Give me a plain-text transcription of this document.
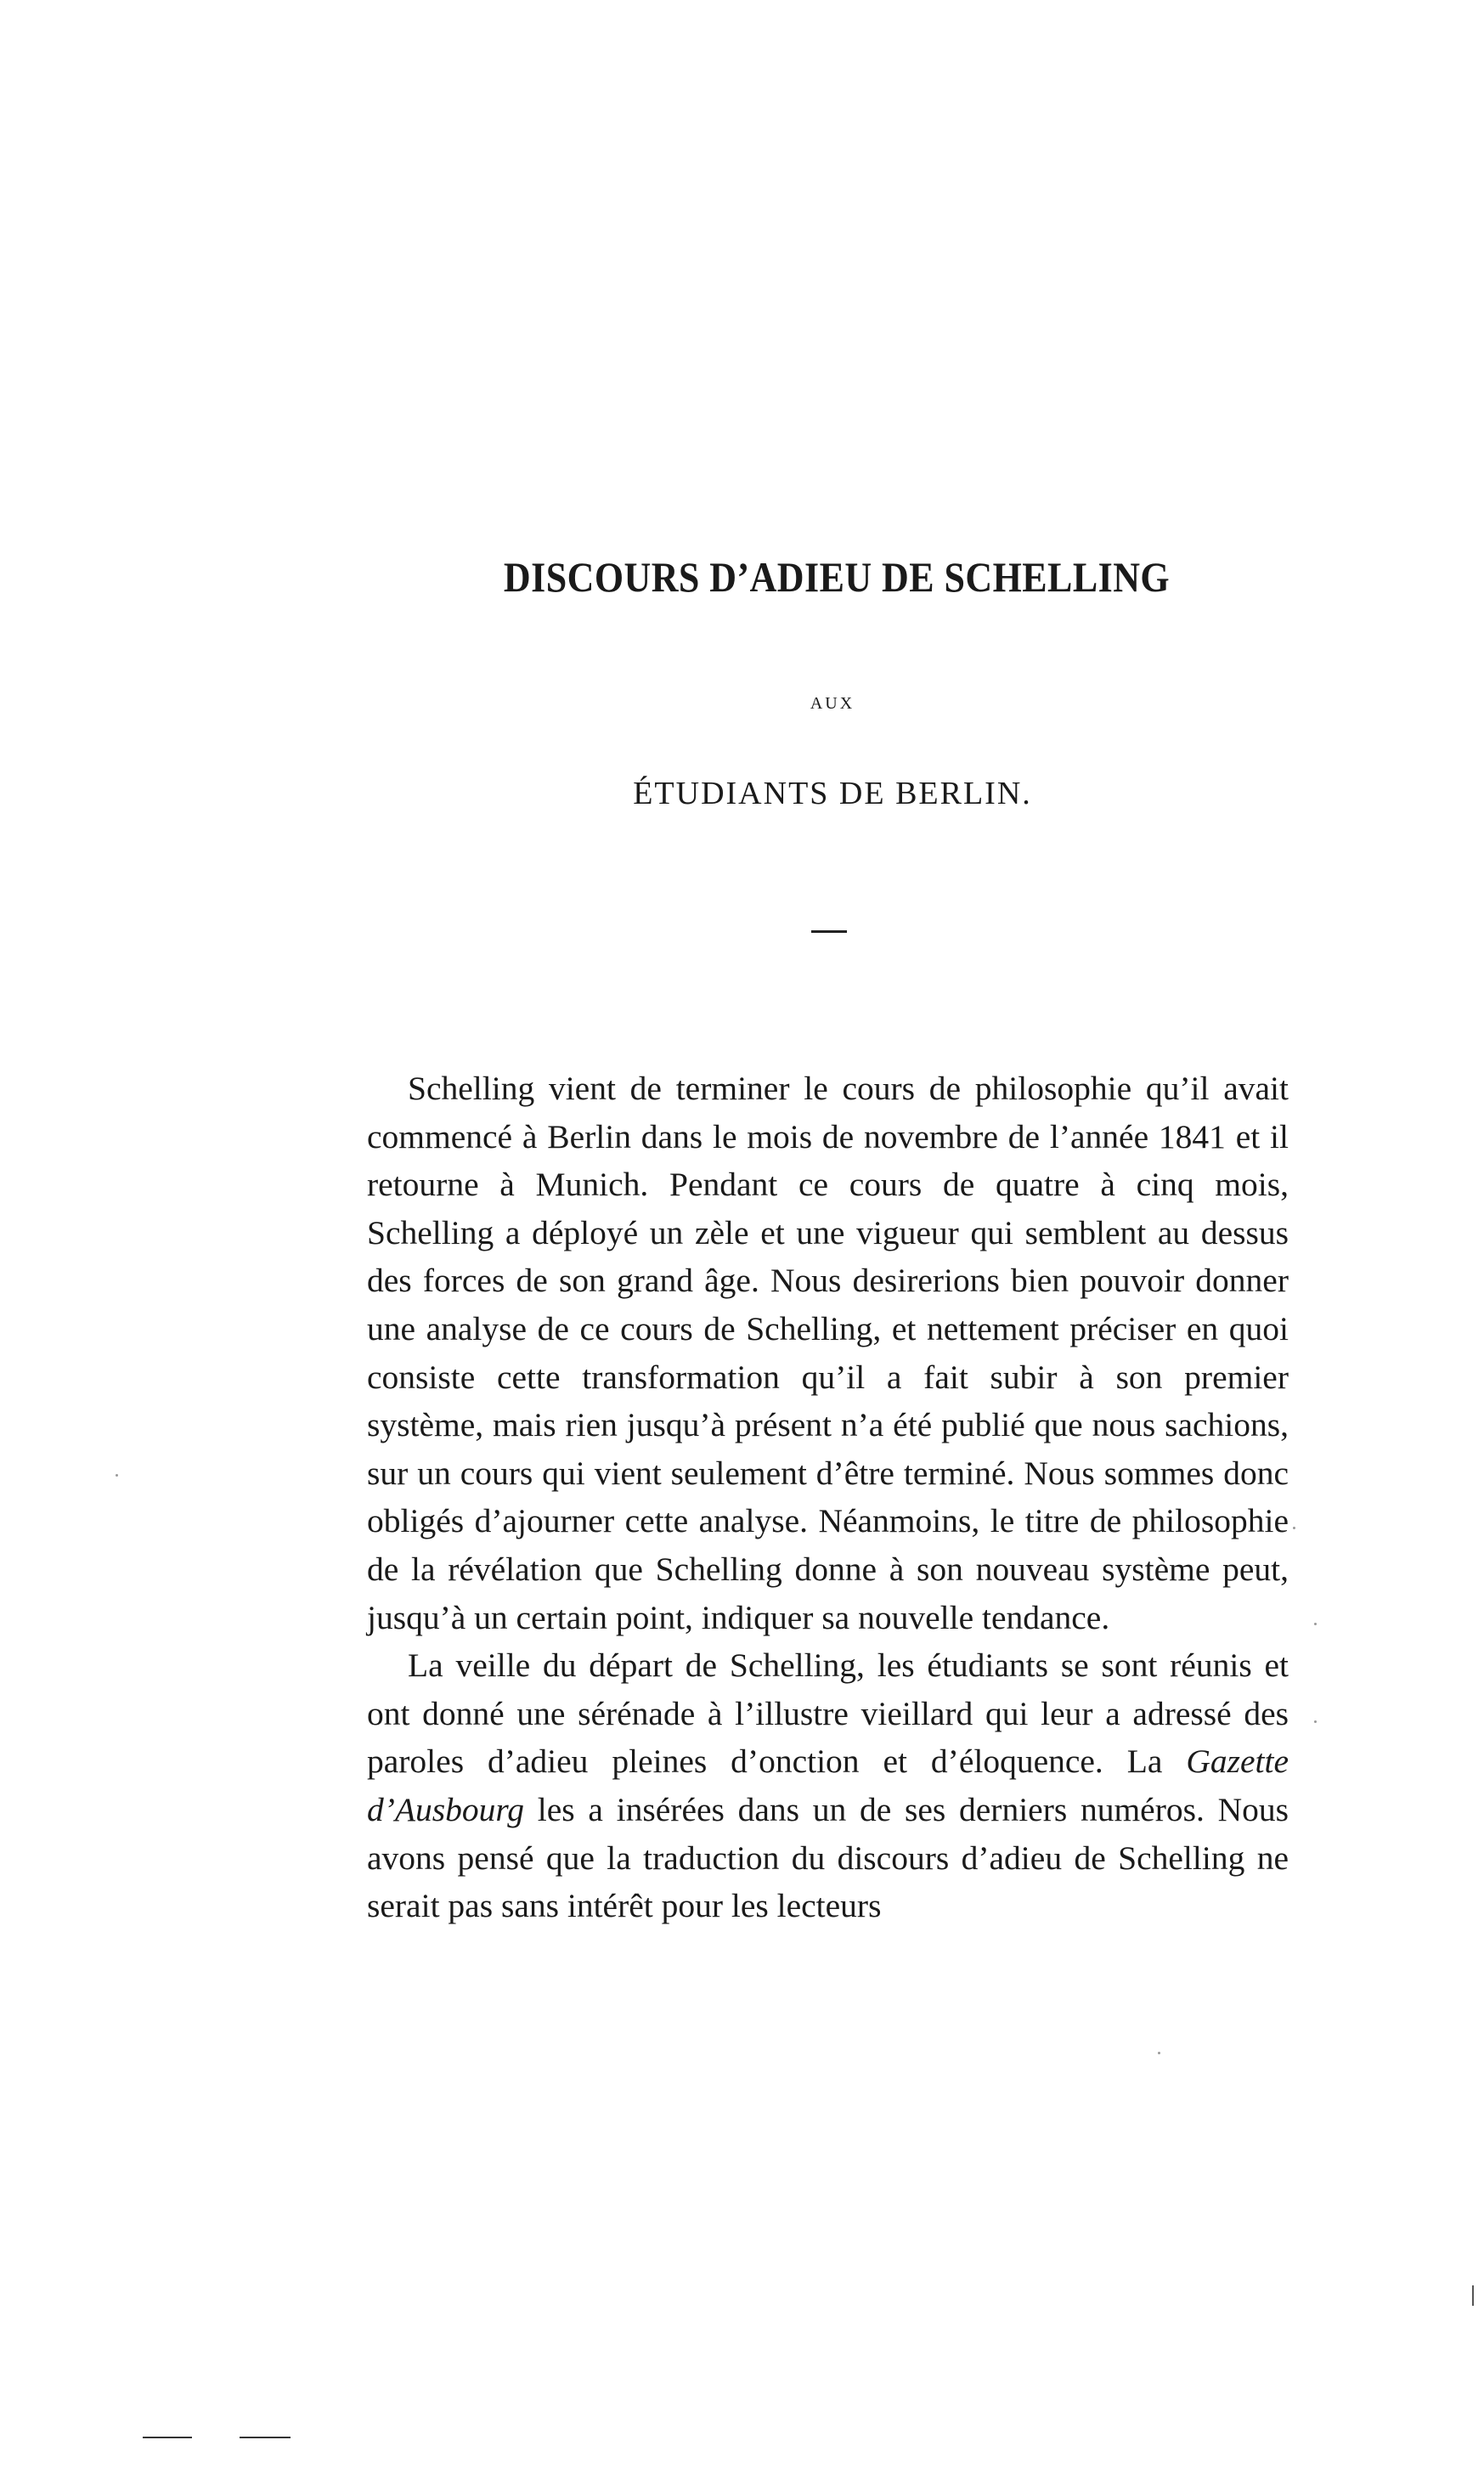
DISCOURS D’ADIEU DE SCHELLING
AUX
ÉTUDIANTS DE BERLIN.

Schelling vient de terminer le cours de philosophie qu’il avait commencé à Berlin dans le mois de novembre de l’année 1841 et il retourne à Munich. Pendant ce cours de quatre à cinq mois, Schelling a déployé un zèle et une vigueur qui semblent au dessus des forces de son grand âge. Nous desirerions bien pouvoir donner une analyse de ce cours de Schelling, et nettement préciser en quoi consiste cette transformation qu’il a fait subir à son premier système, mais rien jusqu’à présent n’a été publié que nous sachions, sur un cours qui vient seulement d’être terminé. Nous sommes donc obligés d’ajourner cette analyse. Néanmoins, le titre de philosophie de la révélation que Schelling donne à son nouveau système peut, jusqu’à un certain point, indiquer sa nouvelle tendance.

La veille du départ de Schelling, les étudiants se sont réunis et ont donné une sérénade à l’illustre vieillard qui leur a adressé des paroles d’adieu pleines d’onction et d’éloquence. La Gazette d’Ausbourg les a insérées dans un de ses derniers numéros. Nous avons pensé que la traduction du discours d’adieu de Schelling ne serait pas sans intérêt pour les lecteurs
